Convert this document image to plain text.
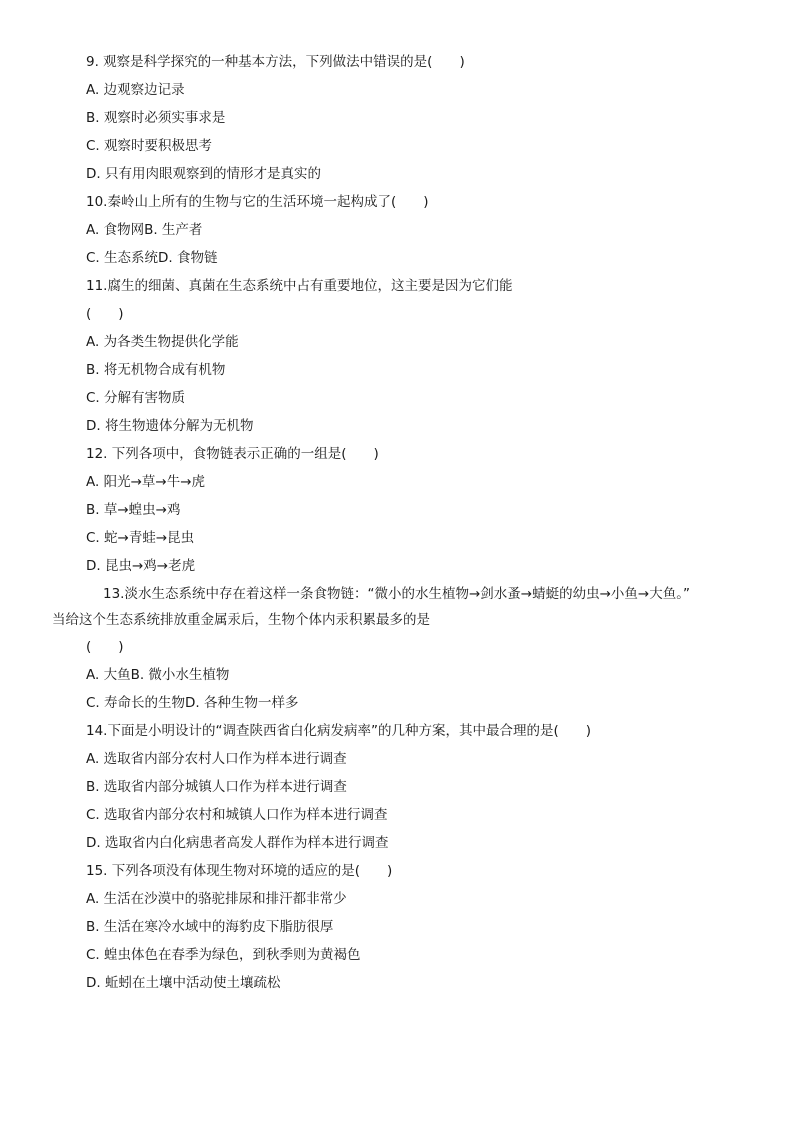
9. 观察是科学探究的一种基本方法，下列做法中错误的是(　　)
A. 边观察边记录
B. 观察时必须实事求是
C. 观察时要积极思考
D. 只有用肉眼观察到的情形才是真实的
10.秦岭山上所有的生物与它的生活环境一起构成了(　　)
A. 食物网B. 生产者
C. 生态系统D. 食物链
11.腐生的细菌、真菌在生态系统中占有重要地位，这主要是因为它们能
(　　)
A. 为各类生物提供化学能
B. 将无机物合成有机物
C. 分解有害物质
D. 将生物遗体分解为无机物
12. 下列各项中，食物链表示正确的一组是(　　)
A. 阳光→草→牛→虎
B. 草→蝗虫→鸡
C. 蛇→青蛙→昆虫
D. 昆虫→鸡→老虎
13.淡水生态系统中存在着这样一条食物链：“微小的水生植物→剑水蚤→蜻蜓的幼虫→小鱼→大鱼。”
当给这个生态系统排放重金属汞后，生物个体内汞积累最多的是
(　　)
A. 大鱼B. 微小水生植物
C. 寿命长的生物D. 各种生物一样多
14.下面是小明设计的“调查陕西省白化病发病率”的几种方案，其中最合理的是(　　)
A. 选取省内部分农村人口作为样本进行调查
B. 选取省内部分城镇人口作为样本进行调查
C. 选取省内部分农村和城镇人口作为样本进行调查
D. 选取省内白化病患者高发人群作为样本进行调查
15. 下列各项没有体现生物对环境的适应的是(　　)
A. 生活在沙漠中的骆驼排尿和排汗都非常少
B. 生活在寒冷水域中的海豹皮下脂肪很厚
C. 蝗虫体色在春季为绿色，到秋季则为黄褐色
D. 蚯蚓在土壤中活动使土壤疏松
